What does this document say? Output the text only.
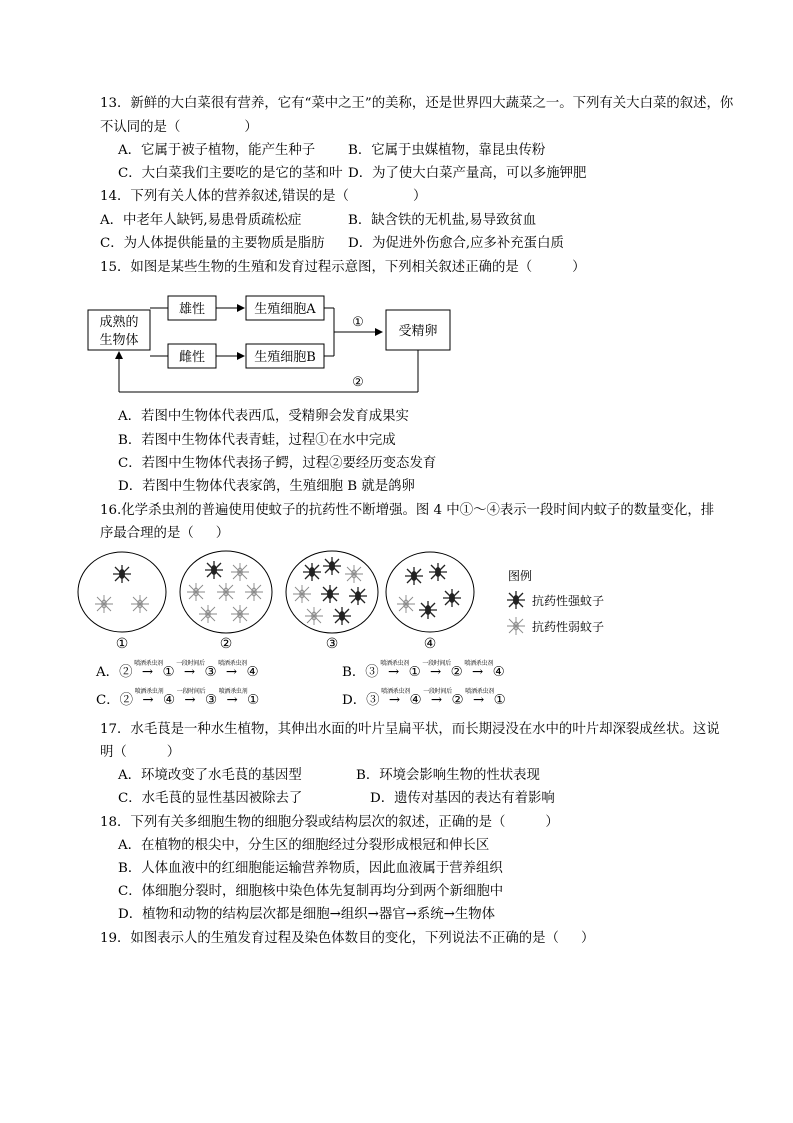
13．新鲜的大白菜很有营养，它有“菜中之王”的美称，还是世界四大蔬菜之一。下列有关大白菜的叙述，你
不认同的是（	）
A．它属于被子植物，能产生种子 B．它属于虫媒植物，靠昆虫传粉
C．大白菜我们主要吃的是它的茎和叶 D．为了使大白菜产量高，可以多施钾肥
14．下列有关人体的营养叙述,错误的是（	）
A．中老年人缺钙,易患骨质疏松症	B．缺含铁的无机盐,易导致贫血
C．为人体提供能量的主要物质是脂肪 D．为促进外伤愈合,应多补充蛋白质
15．如图是某些生物的生殖和发育过程示意图，下列相关叙述正确的是（	）
成熟的
生物体
雄性
雌性
生殖细胞A
生殖细胞B
①
受精卵
②
A．若图中生物体代表西瓜，受精卵会发育成果实
B．若图中生物体代表青蛙，过程①在水中完成
C．若图中生物体代表扬子鳄，过程②要经历变态发育
D．若图中生物体代表家鸽，生殖细胞 B 就是鸽卵
16.化学杀虫剂的普遍使用使蚊子的抗药性不断增强。图 4 中①～④表示一段时间内蚊子的数量变化，排
序最合理的是（ ）
①	②	③	④
图例
抗药性强蚊子
抗药性弱蚊子
A．② →
喷洒杀虫剂
① →
一段时间后
③ →
喷洒杀虫剂
④	B．③ →
喷洒杀虫剂
① →
一段时间后
② →
喷洒杀虫剂
④
C．② →
喷洒杀虫剂
④ →
一段时间后
③ →
喷洒杀虫剂
①	D．③ →
喷洒杀虫剂
④ →
一段时间后
② →
喷洒杀虫剂
①
17．水毛茛是一种水生植物，其伸出水面的叶片呈扁平状，而长期浸没在水中的叶片却深裂成丝状。这说
明（	）
A．环境改变了水毛茛的基因型	B．环境会影响生物的性状表现
C．水毛茛的显性基因被除去了	D．遗传对基因的表达有着影响
18．下列有关多细胞生物的细胞分裂或结构层次的叙述，正确的是（	）
A．在植物的根尖中，分生区的细胞经过分裂形成根冠和伸长区
B．人体血液中的红细胞能运输营养物质，因此血液属于营养组织
C．体细胞分裂时，细胞核中染色体先复制再均分到两个新细胞中
D．植物和动物的结构层次都是细胞→组织→器官→系统→生物体
19．如图表示人的生殖发育过程及染色体数目的变化，下列说法不正确的是（ ）
